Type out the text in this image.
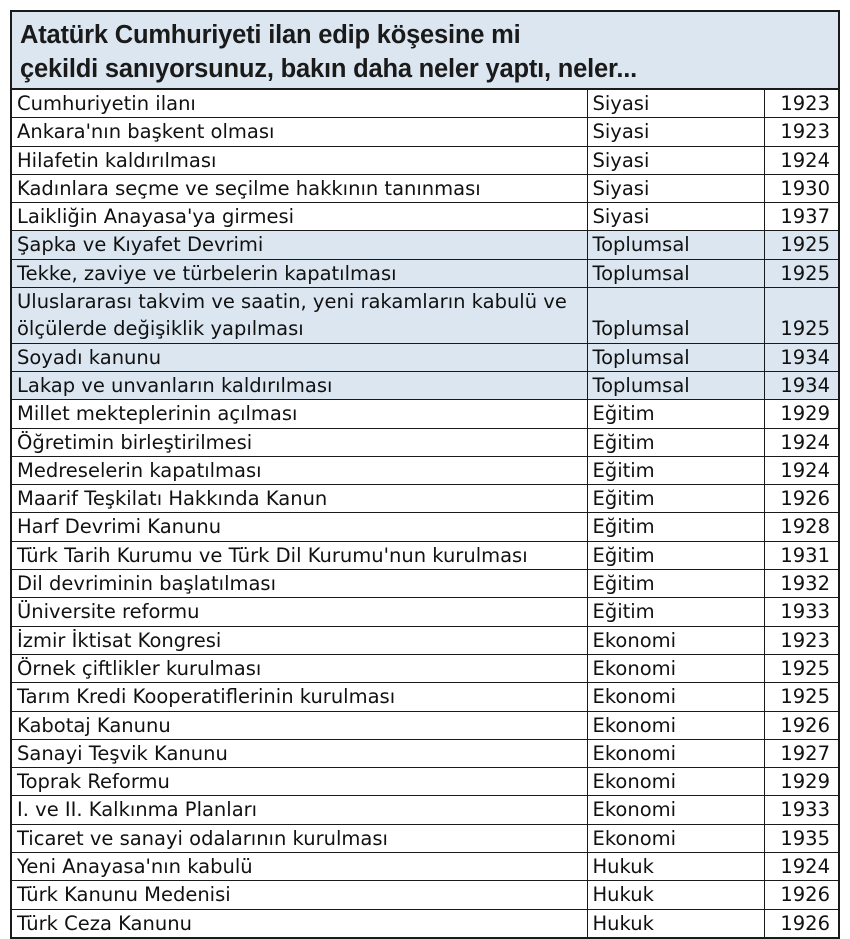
Atatürk Cumhuriyeti ilan edip köşesine mi
çekildi sanıyorsunuz, bakın daha neler yaptı, neler...
Cumhuriyetin ilanı	Siyasi	1923
Ankara'nın başkent olması	Siyasi	1923
Hilafetin kaldırılması	Siyasi	1924
Kadınlara seçme ve seçilme hakkının tanınması	Siyasi	1930
Laikliğin Anayasa'ya girmesi	Siyasi	1937
Şapka ve Kıyafet Devrimi	Toplumsal	1925
Tekke, zaviye ve türbelerin kapatılması	Toplumsal	1925
Uluslararası takvim ve saatin, yeni rakamların kabulü ve ölçülerde değişiklik yapılması	Toplumsal	1925
Soyadı kanunu	Toplumsal	1934
Lakap ve unvanların kaldırılması	Toplumsal	1934
Millet mekteplerinin açılması	Eğitim	1929
Öğretimin birleştirilmesi	Eğitim	1924
Medreselerin kapatılması	Eğitim	1924
Maarif Teşkilatı Hakkında Kanun	Eğitim	1926
Harf Devrimi Kanunu	Eğitim	1928
Türk Tarih Kurumu ve Türk Dil Kurumu'nun kurulması	Eğitim	1931
Dil devriminin başlatılması	Eğitim	1932
Üniversite reformu	Eğitim	1933
İzmir İktisat Kongresi	Ekonomi	1923
Örnek çiftlikler kurulması	Ekonomi	1925
Tarım Kredi Kooperatiflerinin kurulması	Ekonomi	1925
Kabotaj Kanunu	Ekonomi	1926
Sanayi Teşvik Kanunu	Ekonomi	1927
Toprak Reformu	Ekonomi	1929
I. ve II. Kalkınma Planları	Ekonomi	1933
Ticaret ve sanayi odalarının kurulması	Ekonomi	1935
Yeni Anayasa'nın kabulü	Hukuk	1924
Türk Kanunu Medenisi	Hukuk	1926
Türk Ceza Kanunu	Hukuk	1926
